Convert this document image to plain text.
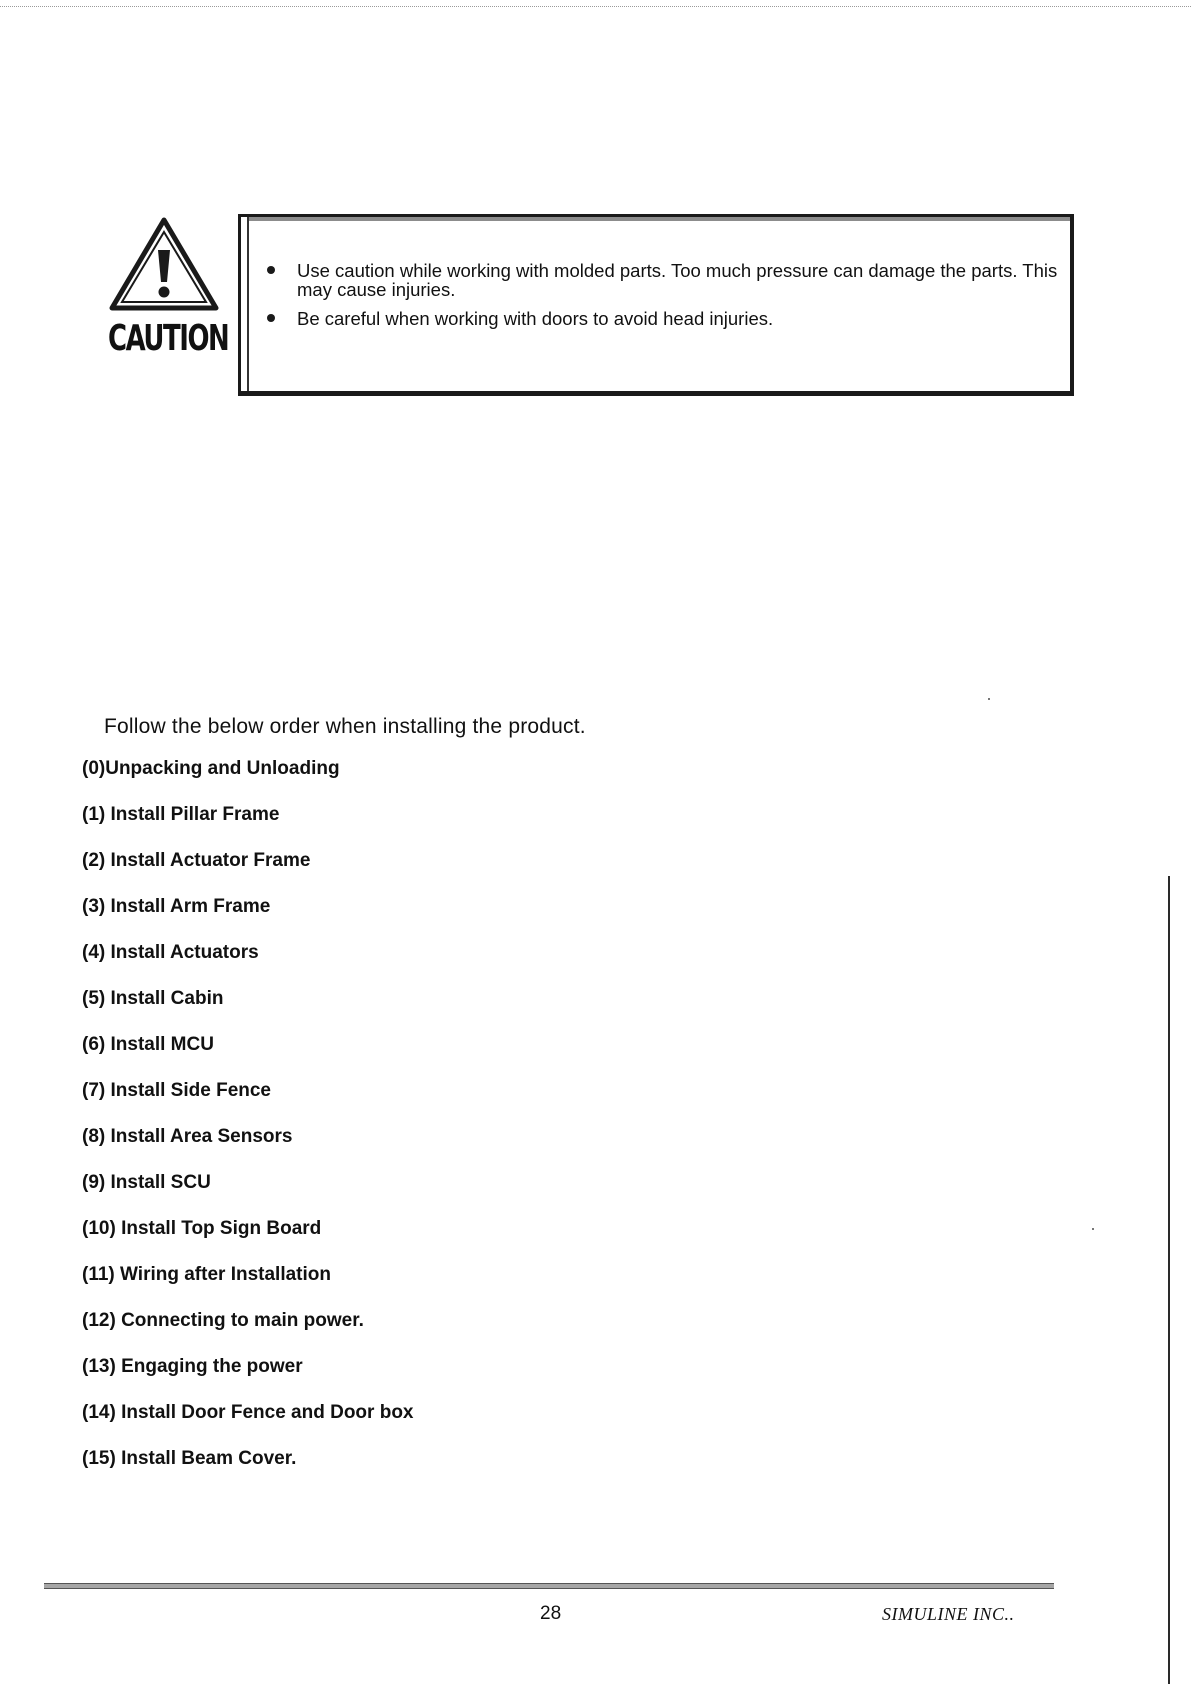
CAUTION
Use caution while working with molded parts. Too much pressure can damage the parts. This may cause injuries.
Be careful when working with doors to avoid head injuries.
Follow the below order when installing the product.
(0)Unpacking and Unloading
(1) Install Pillar Frame
(2) Install Actuator Frame
(3) Install Arm Frame
(4) Install Actuators
(5) Install Cabin
(6) Install MCU
(7) Install Side Fence
(8) Install Area Sensors
(9) Install SCU
(10) Install Top Sign Board
(11) Wiring after Installation
(12) Connecting to main power.
(13) Engaging the power
(14) Install Door Fence and Door box
(15) Install Beam Cover.
28	SIMULINE INC..
